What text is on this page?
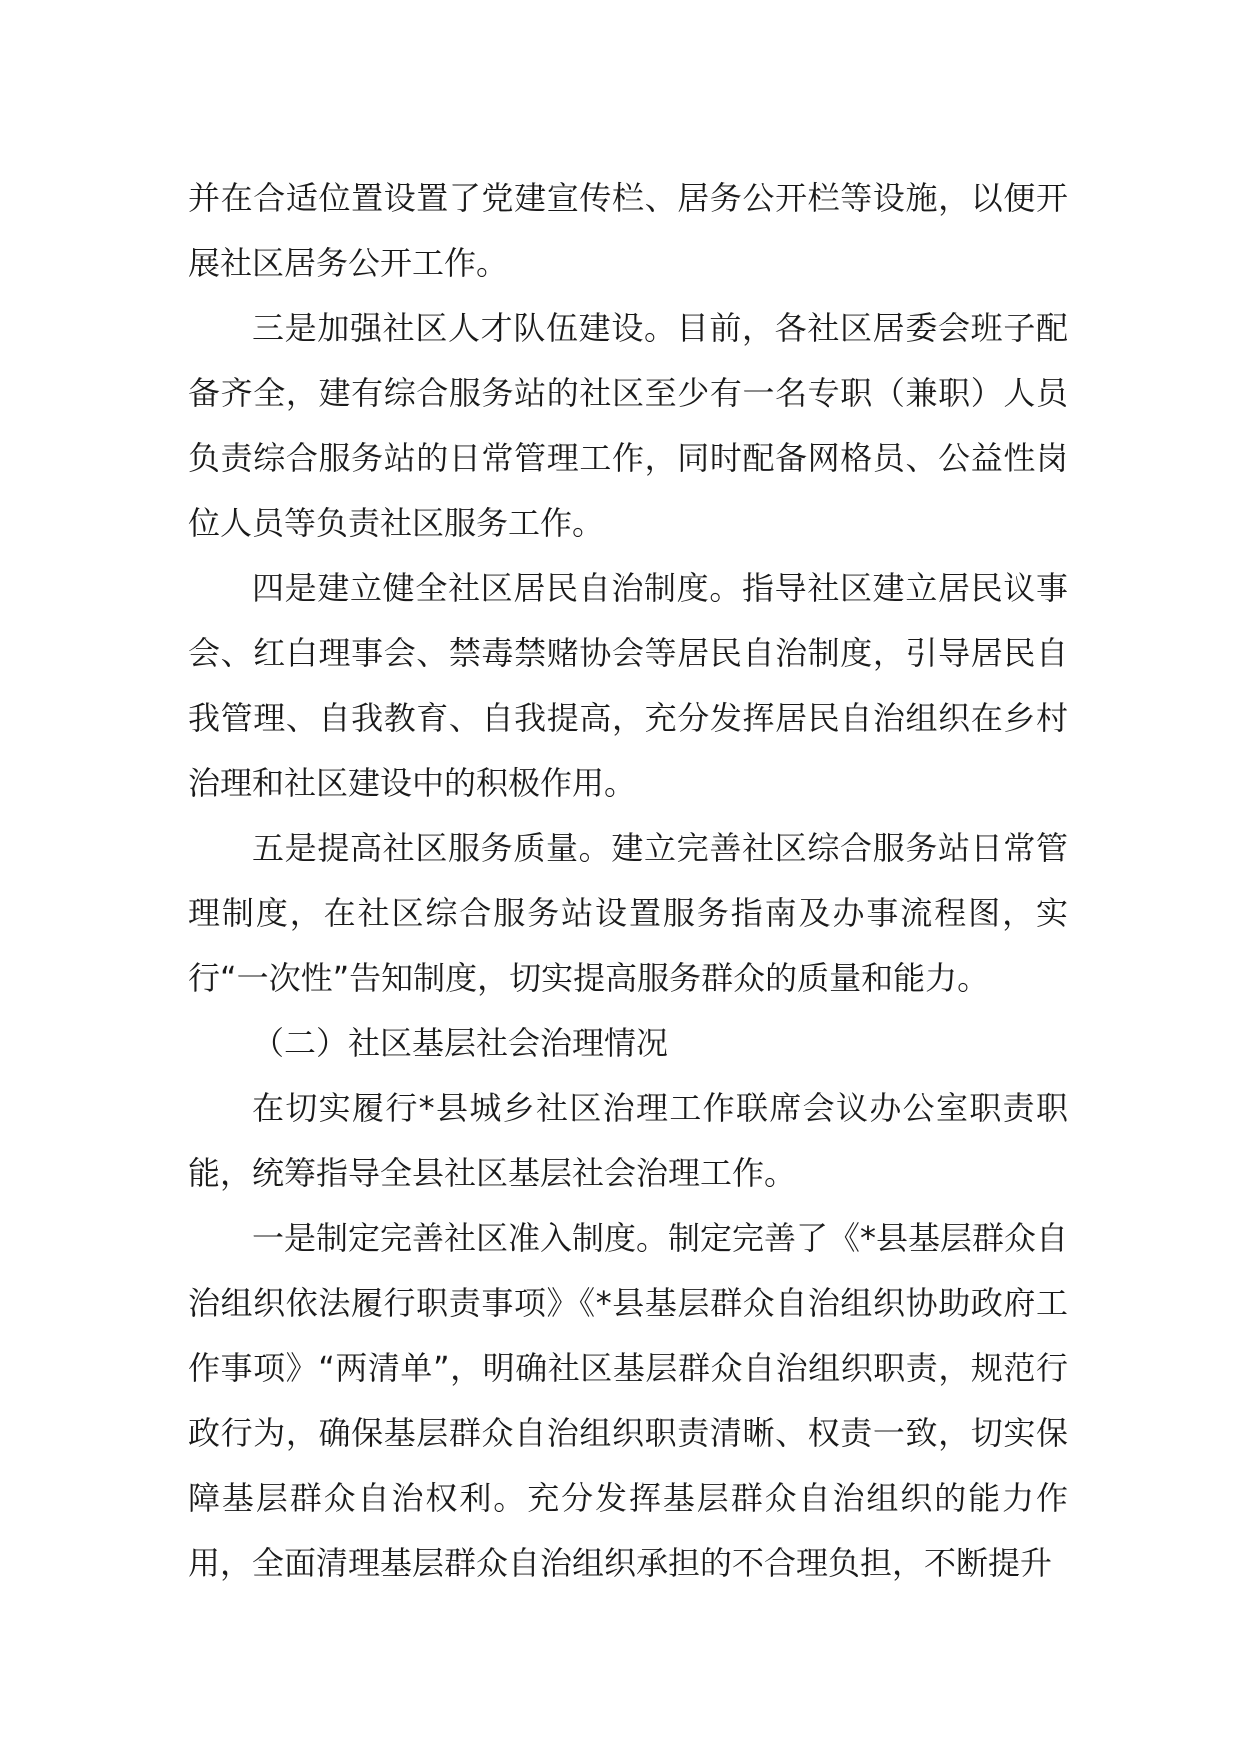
并在合适位置设置了党建宣传栏、居务公开栏等设施，以便开展社区居务公开工作。

三是加强社区人才队伍建设。目前，各社区居委会班子配备齐全，建有综合服务站的社区至少有一名专职（兼职）人员负责综合服务站的日常管理工作，同时配备网格员、公益性岗位人员等负责社区服务工作。

四是建立健全社区居民自治制度。指导社区建立居民议事会、红白理事会、禁毒禁赌协会等居民自治制度，引导居民自我管理、自我教育、自我提高，充分发挥居民自治组织在乡村治理和社区建设中的积极作用。

五是提高社区服务质量。建立完善社区综合服务站日常管理制度，在社区综合服务站设置服务指南及办事流程图，实行“一次性”告知制度，切实提高服务群众的质量和能力。

（二）社区基层社会治理情况

在切实履行*县城乡社区治理工作联席会议办公室职责职能，统筹指导全县社区基层社会治理工作。

一是制定完善社区准入制度。制定完善了《*县基层群众自治组织依法履行职责事项》《*县基层群众自治组织协助政府工作事项》“两清单”，明确社区基层群众自治组织职责，规范行政行为，确保基层群众自治组织职责清晰、权责一致，切实保障基层群众自治权利。充分发挥基层群众自治组织的能力作用，全面清理基层群众自治组织承担的不合理负担，不断提升
